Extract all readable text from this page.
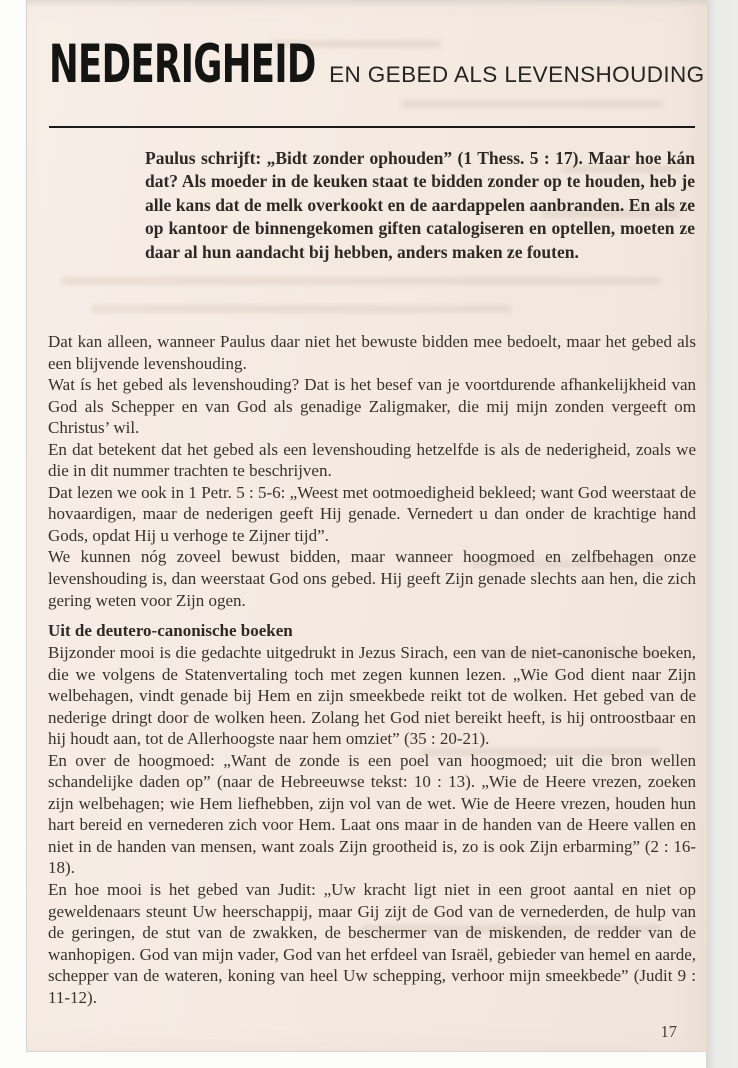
NEDERIGHEID EN GEBED ALS LEVENSHOUDING

Paulus schrijft: „Bidt zonder ophouden” (1 Thess. 5 : 17). Maar hoe kán dat? Als moeder in de keuken staat te bidden zonder op te houden, heb je alle kans dat de melk overkookt en de aardappelen aanbranden. En als ze op kantoor de binnengekomen giften catalogiseren en optellen, moeten ze daar al hun aandacht bij hebben, anders maken ze fouten.

Dat kan alleen, wanneer Paulus daar niet het bewuste bidden mee bedoelt, maar het gebed als een blijvende levenshouding.

Wat ís het gebed als levenshouding? Dat is het besef van je voortdurende afhankelijkheid van God als Schepper en van God als genadige Zaligmaker, die mij mijn zonden vergeeft om Christus’ wil.

En dat betekent dat het gebed als een levenshouding hetzelfde is als de nederigheid, zoals we die in dit nummer trachten te beschrijven.

Dat lezen we ook in 1 Petr. 5 : 5-6: „Weest met ootmoedigheid bekleed; want God weerstaat de hovaardigen, maar de nederigen geeft Hij genade. Vernedert u dan onder de krachtige hand Gods, opdat Hij u verhoge te Zijner tijd”.

We kunnen nóg zoveel bewust bidden, maar wanneer hoogmoed en zelfbehagen onze levenshouding is, dan weerstaat God ons gebed. Hij geeft Zijn genade slechts aan hen, die zich gering weten voor Zijn ogen.

Uit de deutero-canonische boeken

Bijzonder mooi is die gedachte uitgedrukt in Jezus Sirach, een van de niet-canonische boeken, die we volgens de Statenvertaling toch met zegen kunnen lezen. „Wie God dient naar Zijn welbehagen, vindt genade bij Hem en zijn smeekbede reikt tot de wolken. Het gebed van de nederige dringt door de wolken heen. Zolang het God niet bereikt heeft, is hij ontroostbaar en hij houdt aan, tot de Allerhoogste naar hem omziet” (35 : 20-21).

En over de hoogmoed: „Want de zonde is een poel van hoogmoed; uit die bron wellen schandelijke daden op” (naar de Hebreeuwse tekst: 10 : 13). „Wie de Heere vrezen, zoeken zijn welbehagen; wie Hem liefhebben, zijn vol van de wet. Wie de Heere vrezen, houden hun hart bereid en vernederen zich voor Hem. Laat ons maar in de handen van de Heere vallen en niet in de handen van mensen, want zoals Zijn grootheid is, zo is ook Zijn erbarming” (2 : 16-18).

En hoe mooi is het gebed van Judit: „Uw kracht ligt niet in een groot aantal en niet op geweldenaars steunt Uw heerschappij, maar Gij zijt de God van de vernederden, de hulp van de geringen, de stut van de zwakken, de beschermer van de miskenden, de redder van de wanhopigen. God van mijn vader, God van het erfdeel van Israël, gebieder van hemel en aarde, schepper van de wateren, koning van heel Uw schepping, verhoor mijn smeekbede” (Judit 9 : 11-12).

17
